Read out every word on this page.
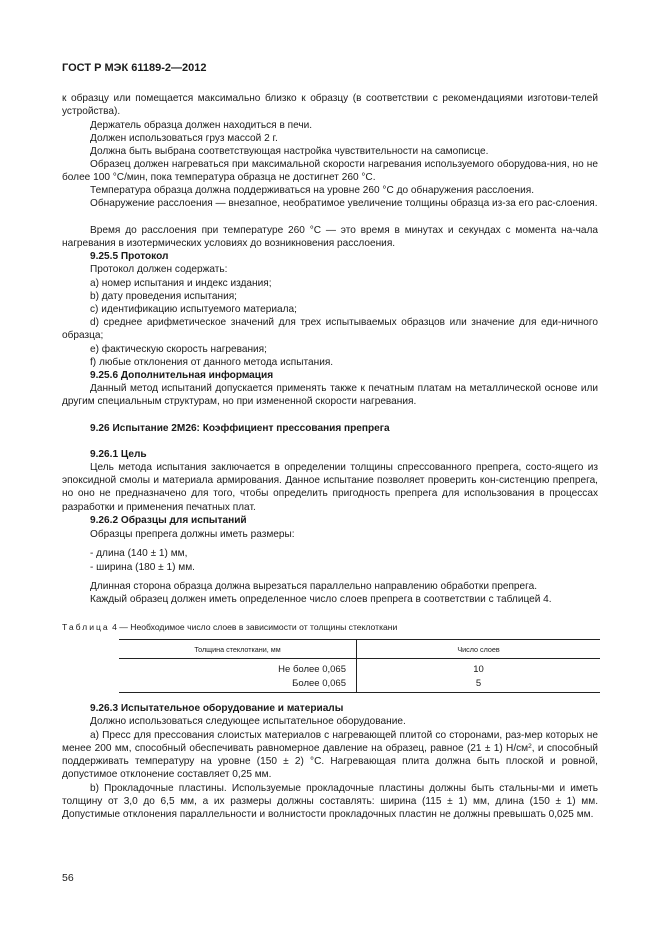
ГОСТ Р МЭК 61189-2—2012

к образцу или помещается максимально близко к образцу (в соответствии с рекомендациями изготови-телей устройства).

Держатель образца должен находиться в печи.

Должен использоваться груз массой 2 г.

Должна быть выбрана соответствующая настройка чувствительности на самописце.

Образец должен нагреваться при максимальной скорости нагревания используемого оборудова-ния, но не более 100 °C/мин, пока температура образца не достигнет 260 °C.

Температура образца должна поддерживаться на уровне 260 °C до обнаружения расслоения.

Обнаружение расслоения — внезапное, необратимое увеличение толщины образца из-за его рас-слоения.

Время до расслоения при температуре 260 °C — это время в минутах и секундах с момента на-чала нагревания в изотермических условиях до возникновения расслоения.

9.25.5 Протокол

Протокол должен содержать:

a) номер испытания и индекс издания;

b) дату проведения испытания;

c) идентификацию испытуемого материала;

d) среднее арифметическое значений для трех испытываемых образцов или значение для еди-ничного образца;

e) фактическую скорость нагревания;

f) любые отклонения от данного метода испытания.

9.25.6 Дополнительная информация

Данный метод испытаний допускается применять также к печатным платам на металлической основе или другим специальным структурам, но при измененной скорости нагревания.

9.26 Испытание 2M26: Коэффициент прессования препрега

9.26.1 Цель

Цель метода испытания заключается в определении толщины спрессованного препрега, состо-ящего из эпоксидной смолы и материала армирования. Данное испытание позволяет проверить кон-систенцию препрега, но оно не предназначено для того, чтобы определить пригодность препрега для использования в процессах разработки и применения печатных плат.

9.26.2 Образцы для испытаний

Образцы препрега должны иметь размеры:

- длина (140 ± 1) мм,

- ширина (180 ± 1) мм.

Длинная сторона образца должна вырезаться параллельно направлению обработки препрега.

Каждый образец должен иметь определенное число слоев препрега в соответствии с таблицей 4.

Таблица 4 — Необходимое число слоев в зависимости от толщины стеклоткани
Толщина стеклоткани, мм	Число слоев
Не более 0,065	10
Более 0,065	5

9.26.3 Испытательное оборудование и материалы

Должно использоваться следующее испытательное оборудование.

a) Пресс для прессования слоистых материалов с нагревающей плитой со сторонами, раз-мер которых не менее 200 мм, способный обеспечивать равномерное давление на образец, равное (21 ± 1) $Н/см^2$, и способный поддерживать температуру на уровне (150 ± 2) °C. Нагревающая плита должна быть плоской и ровной, допустимое отклонение составляет 0,25 мм.

b) Прокладочные пластины. Используемые прокладочные пластины должны быть стальны-ми и иметь толщину от 3,0 до 6,5 мм, а их размеры должны составлять: ширина (115 ± 1) мм, длина (150 ± 1) мм. Допустимые отклонения параллельности и волнистости прокладочных пластин не должны превышать 0,025 мм.

56
